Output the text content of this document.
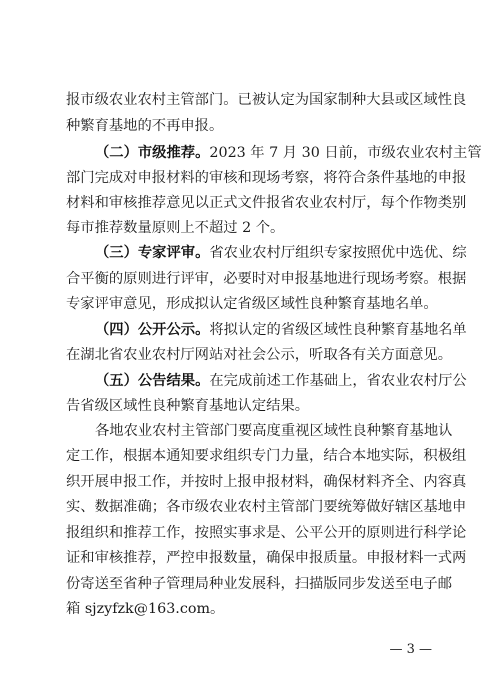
报市级农业农村主管部门。已被认定为国家制种大县或区域性良
种繁育基地的不再申报。
（二）市级推荐。2023 年 7 月 30 日前，市级农业农村主管
部门完成对申报材料的审核和现场考察，将符合条件基地的申报
材料和审核推荐意见以正式文件报省农业农村厅，每个作物类别
每市推荐数量原则上不超过 2 个。
（三）专家评审。省农业农村厅组织专家按照优中选优、综
合平衡的原则进行评审，必要时对申报基地进行现场考察。根据
专家评审意见，形成拟认定省级区域性良种繁育基地名单。
（四）公开公示。将拟认定的省级区域性良种繁育基地名单
在湖北省农业农村厅网站对社会公示，听取各有关方面意见。
（五）公告结果。在完成前述工作基础上，省农业农村厅公
告省级区域性良种繁育基地认定结果。
各地农业农村主管部门要高度重视区域性良种繁育基地认
定工作，根据本通知要求组织专门力量，结合本地实际，积极组
织开展申报工作，并按时上报申报材料，确保材料齐全、内容真
实、数据准确；各市级农业农村主管部门要统筹做好辖区基地申
报组织和推荐工作，按照实事求是、公平公开的原则进行科学论
证和审核推荐，严控申报数量，确保申报质量。申报材料一式两
份寄送至省种子管理局种业发展科，扫描版同步发送至电子邮
箱 sjzyfzk@163.com。
— 3 —
